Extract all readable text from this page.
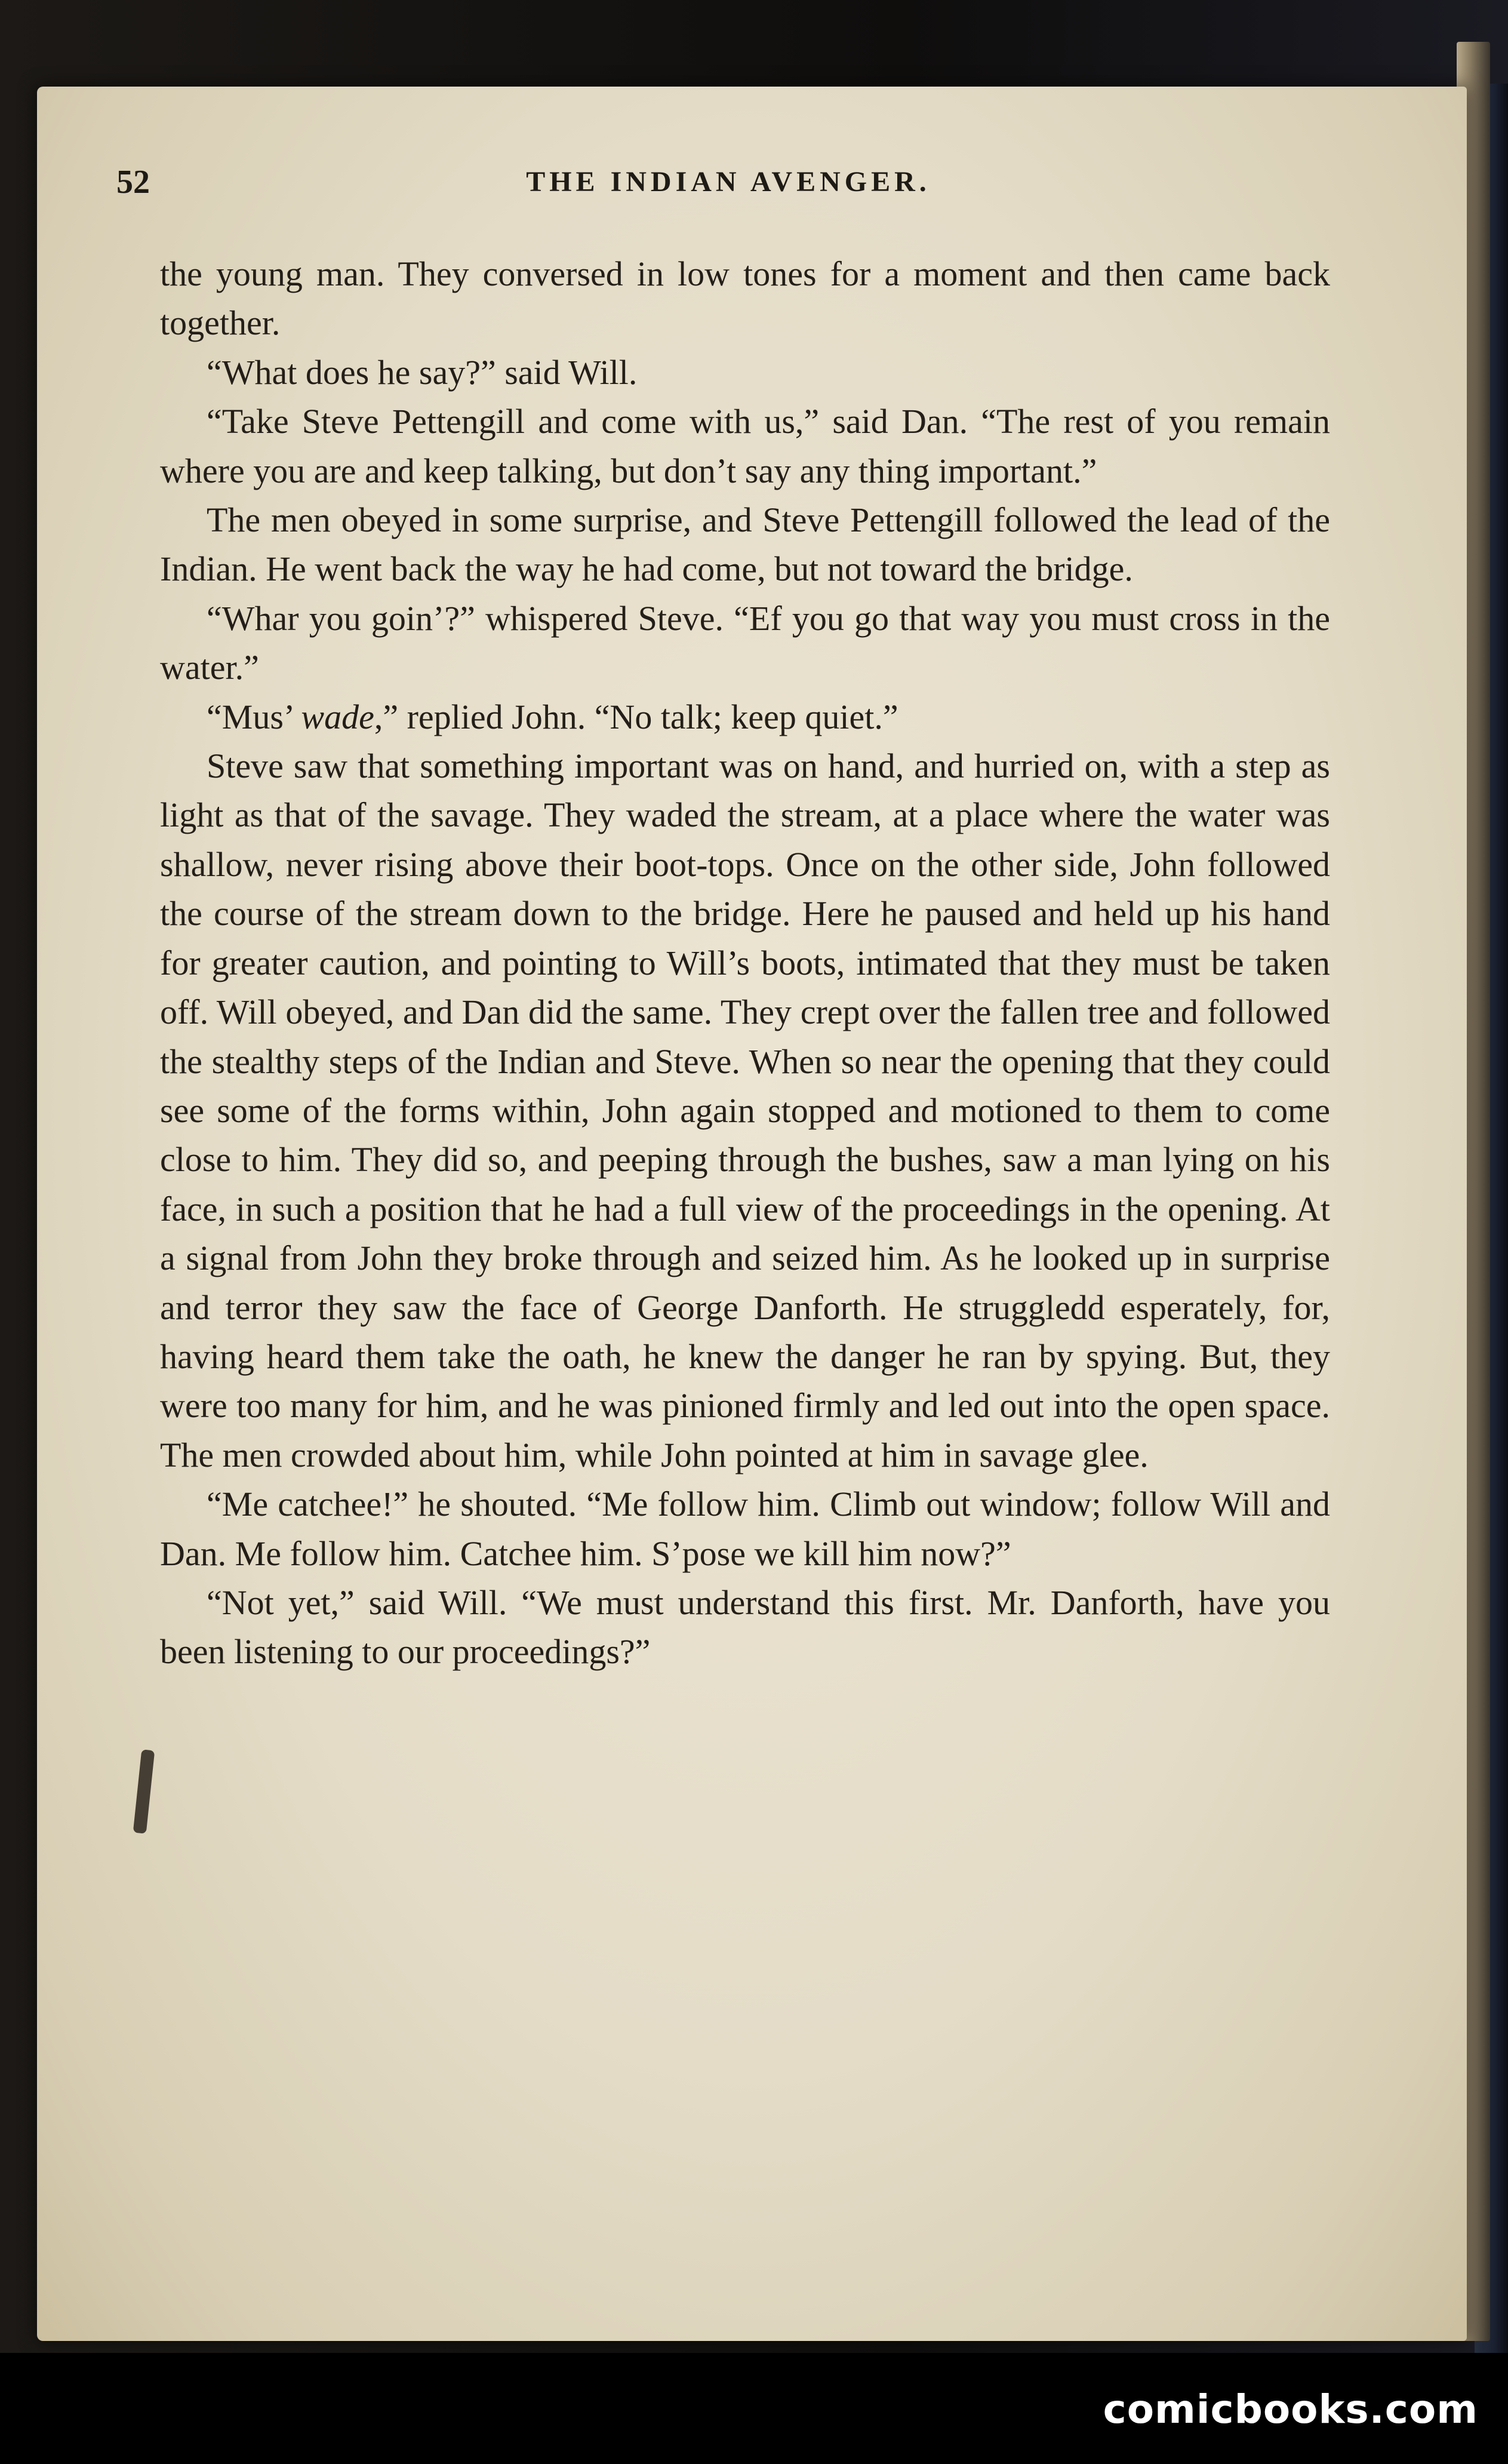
52	THE INDIAN AVENGER.

the young man. They conversed in low tones for a moment and then came back together.

“What does he say?” said Will.

“Take Steve Pettengill and come with us,” said Dan. “The rest of you remain where you are and keep talking, but don’t say any thing important.”

The men obeyed in some surprise, and Steve Pettengill followed the lead of the Indian. He went back the way he had come, but not toward the bridge.

“Whar you goin’?” whispered Steve. “Ef you go that way you must cross in the water.”

“Mus’ wade,” replied John. “No talk; keep quiet.”

Steve saw that something important was on hand, and hurried on, with a step as light as that of the savage. They waded the stream, at a place where the water was shallow, never rising above their boot-tops. Once on the other side, John followed the course of the stream down to the bridge. Here he paused and held up his hand for greater caution, and pointing to Will’s boots, intimated that they must be taken off. Will obeyed, and Dan did the same. They crept over the fallen tree and followed the stealthy steps of the Indian and Steve. When so near the opening that they could see some of the forms within, John again stopped and motioned to them to come close to him. They did so, and peeping through the bushes, saw a man lying on his face, in such a position that he had a full view of the proceedings in the opening. At a signal from John they broke through and seized him. As he looked up in surprise and terror they saw the face of George Danforth. He struggledd esperately, for, having heard them take the oath, he knew the danger he ran by spying. But, they were too many for him, and he was pinioned firmly and led out into the open space. The men crowded about him, while John pointed at him in savage glee.

“Me catchee!” he shouted. “Me follow him. Climb out window; follow Will and Dan. Me follow him. Catchee him. S’pose we kill him now?”

“Not yet,” said Will. “We must understand this first. Mr. Danforth, have you been listening to our proceedings?”

comicbooks.com
